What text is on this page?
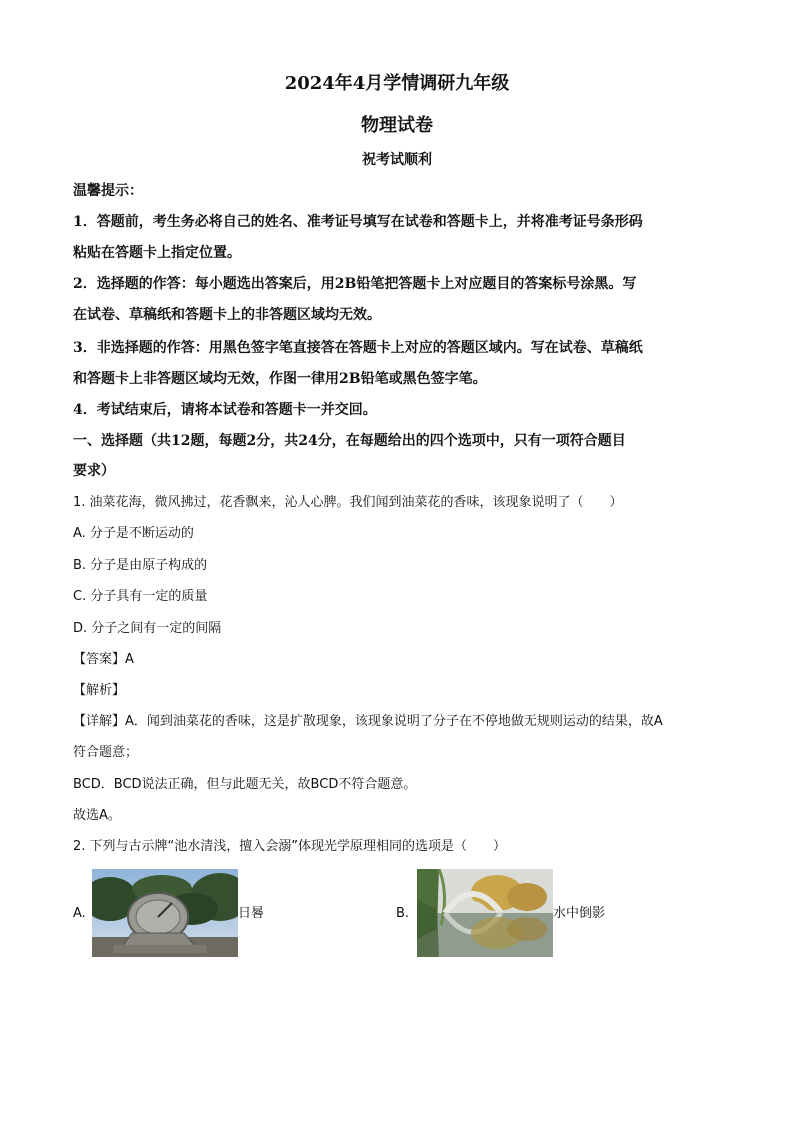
2024年4月学情调研九年级
物理试卷
祝考试顺利
温馨提示：
1．答题前，考生务必将自己的姓名、准考证号填写在试卷和答题卡上，并将准考证号条形码
粘贴在答题卡上指定位置。
2．选择题的作答：每小题选出答案后，用2B铅笔把答题卡上对应题目的答案标号涂黑。写
在试卷、草稿纸和答题卡上的非答题区域均无效。
3．非选择题的作答：用黑色签字笔直接答在答题卡上对应的答题区域内。写在试卷、草稿纸
和答题卡上非答题区域均无效，作图一律用2B铅笔或黑色签字笔。
4．考试结束后，请将本试卷和答题卡一并交回。
一、选择题（共12题，每题2分，共24分，在每题给出的四个选项中，只有一项符合题目
要求）
1. 油菜花海，微风拂过，花香飘来，沁人心脾。我们闻到油菜花的香味，该现象说明了（　　）
A. 分子是不断运动的
B. 分子是由原子构成的
C. 分子具有一定的质量
D. 分子之间有一定的间隔
【答案】A
【解析】
【详解】A．闻到油菜花的香味，这是扩散现象，该现象说明了分子在不停地做无规则运动的结果，故A
符合题意；
BCD．BCD说法正确，但与此题无关，故BCD不符合题意。
故选A。
2. 下列与古示牌“池水清浅，擅入会溺”体现光学原理相同的选项是（　　）
A.	日晷	B.	水中倒影
